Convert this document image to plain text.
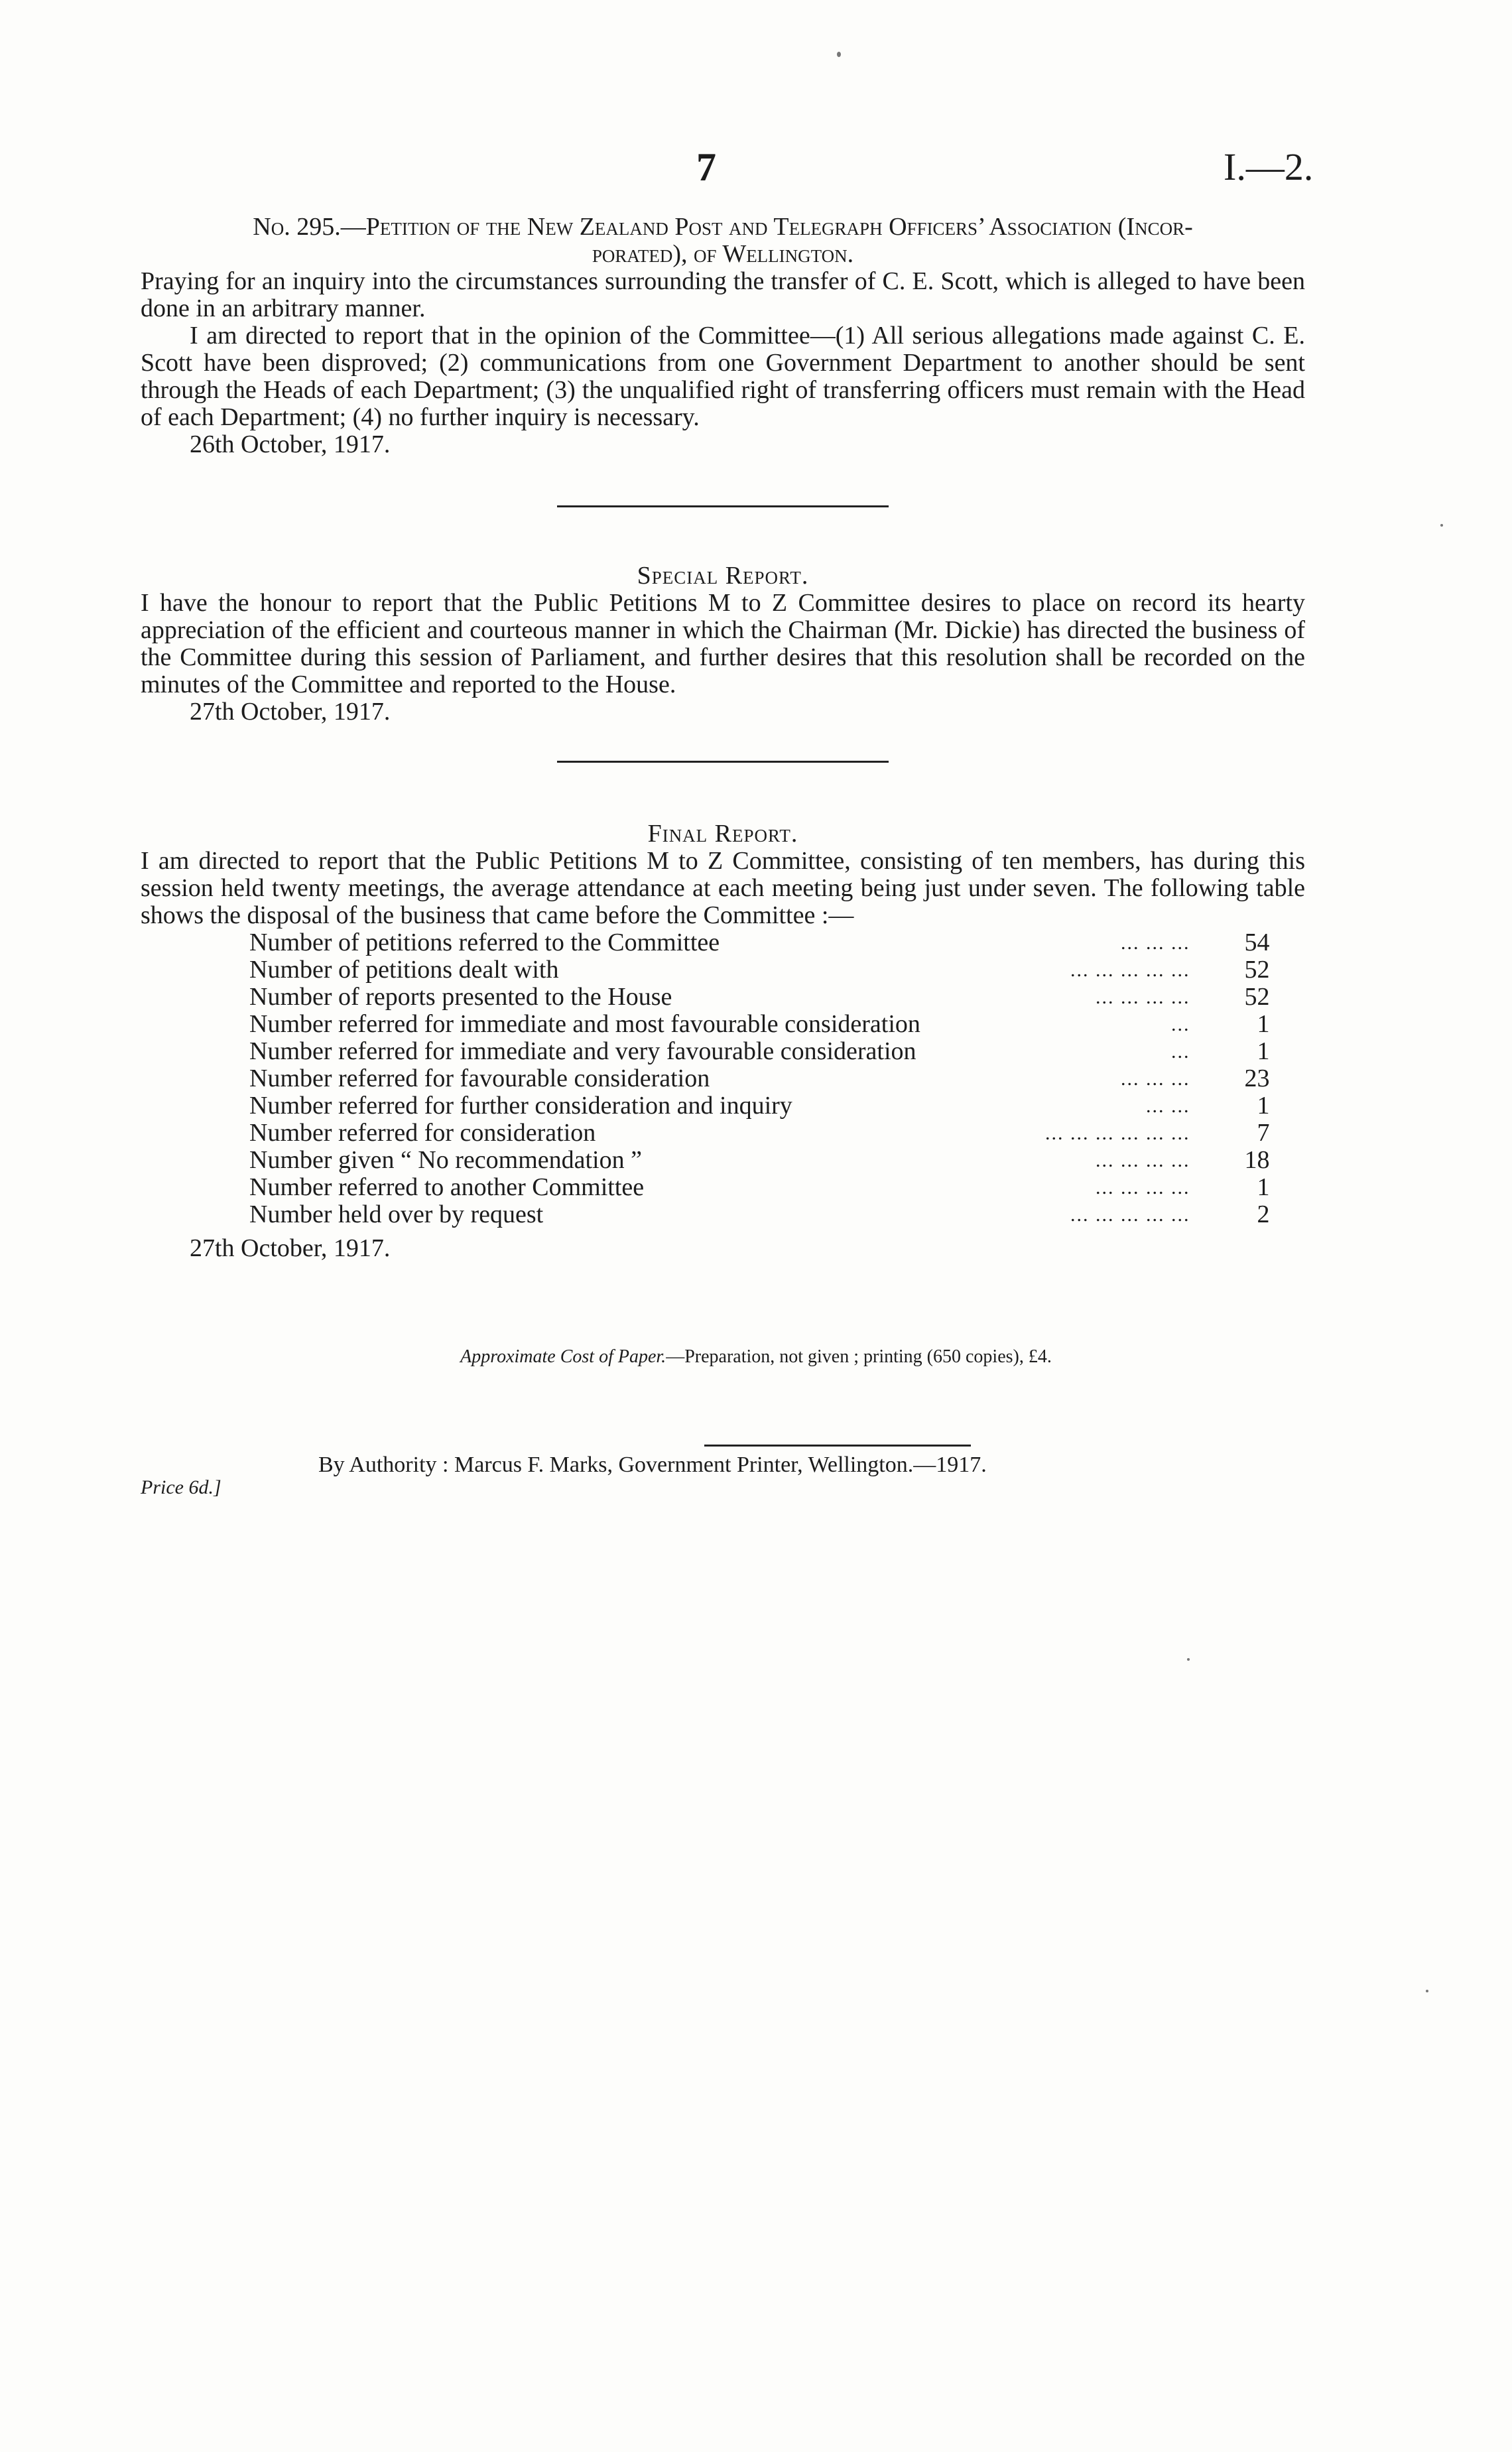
7	I.—2.
No. 295.—Petition of the New Zealand Post and Telegraph Officers’ Association (Incor-
porated), of Wellington.
Praying for an inquiry into the circumstances surrounding the transfer of C. E. Scott, which is alleged to have been done in an arbitrary manner.
I am directed to report that in the opinion of the Committee—(1) All serious allegations made against C. E. Scott have been disproved; (2) communications from one Government Department to another should be sent through the Heads of each Department; (3) the unqualified right of transferring officers must remain with the Head of each Department; (4) no further inquiry is necessary.
26th October, 1917.
Special Report.
I have the honour to report that the Public Petitions M to Z Committee desires to place on record its hearty appreciation of the efficient and courteous manner in which the Chairman (Mr. Dickie) has directed the business of the Committee during this session of Parliament, and further desires that this resolution shall be recorded on the minutes of the Committee and reported to the House.
27th October, 1917.
Final Report.
I am directed to report that the Public Petitions M to Z Committee, consisting of ten members, has during this session held twenty meetings, the average attendance at each meeting being just under seven. The following table shows the disposal of the business that came before the Committee :—
Number of petitions referred to the Committee	... ... ...	54
Number of petitions dealt with	... ... ... ... ...	52
Number of reports presented to the House	... ... ... ...	52
Number referred for immediate and most favourable consideration	...	1
Number referred for immediate and very favourable consideration	...	1
Number referred for favourable consideration	... ... ...	23
Number referred for further consideration and inquiry	... ...	1
Number referred for consideration	... ... ... ... ... ...	7
Number given “ No recommendation ”	... ... ... ...	18
Number referred to another Committee	... ... ... ...	1
Number held over by request	... ... ... ... ...	2
27th October, 1917.
Approximate Cost of Paper.—Preparation, not given ; printing (650 copies), £4.
By Authority : Marcus F. Marks, Government Printer, Wellington.—1917.
Price 6d.]
